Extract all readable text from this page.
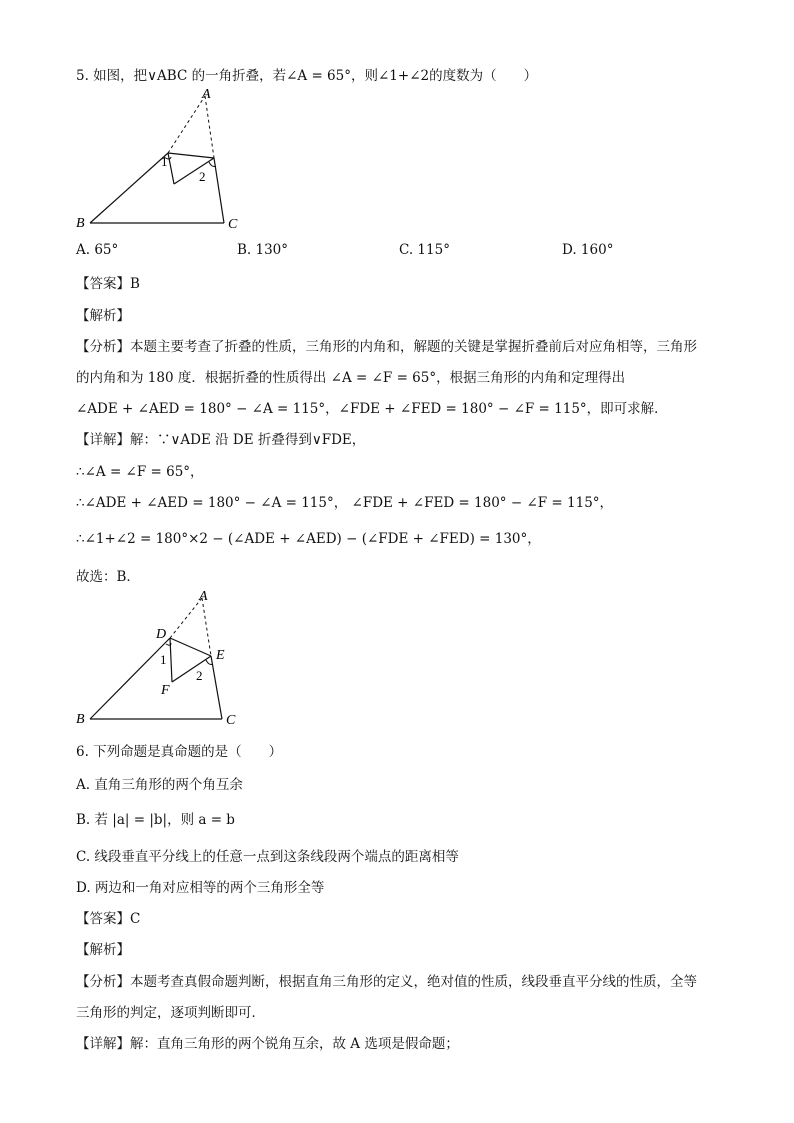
5. 如图，把∨ABC 的一角折叠，若∠A = 65°，则∠1+∠2的度数为（　　）
A
B	C
1
2
A. 65°	B. 130°	C. 115°	D. 160°
【答案】B
【解析】
【分析】本题主要考查了折叠的性质，三角形的内角和，解题的关键是掌握折叠前后对应角相等，三角形
的内角和为 180 度．根据折叠的性质得出 ∠A = ∠F = 65°，根据三角形的内角和定理得出
∠ADE + ∠AED = 180° − ∠A = 115°，∠FDE + ∠FED = 180° − ∠F = 115°，即可求解．
【详解】解：∵∨ADE 沿 DE 折叠得到∨FDE，
∴∠A = ∠F = 65°，
∴∠ADE + ∠AED = 180° − ∠A = 115°， ∠FDE + ∠FED = 180° − ∠F = 115°，
∴∠1+∠2 = 180°×2 − (∠ADE + ∠AED) − (∠FDE + ∠FED) = 130°，
故选：B．
A
B	C
D
E
F
1
2
6. 下列命题是真命题的是（　　）
A. 直角三角形的两个角互余
B. 若 |a| = |b|，则 a = b
C. 线段垂直平分线上的任意一点到这条线段两个端点的距离相等
D. 两边和一角对应相等的两个三角形全等
【答案】C
【解析】
【分析】本题考查真假命题判断，根据直角三角形的定义，绝对值的性质，线段垂直平分线的性质，全等
三角形的判定，逐项判断即可．
【详解】解：直角三角形的两个锐角互余，故 A 选项是假命题；
